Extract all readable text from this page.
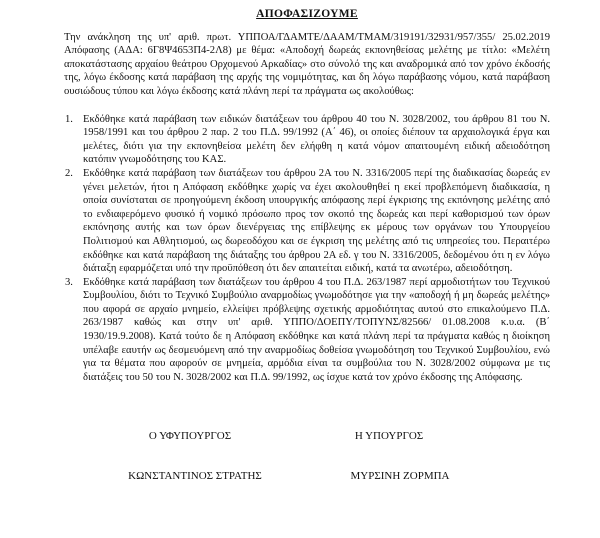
ΑΠΟΦΑΣΙΖΟΥΜΕ

Την ανάκληση της υπ' αριθ. πρωτ. ΥΠΠΟΑ/ΓΔΑΜΤΕ/ΔΑΑΜ/ΤΜΑΜ/319191/32931/957/355/ 25.02.2019 Απόφασης (ΑΔΑ: 6Γ8Ψ4653Π4-2Λ8) με θέμα: «Αποδοχή δωρεάς εκπονηθείσας μελέτης με τίτλο: «Μελέτη αποκατάστασης αρχαίου θεάτρου Ορχομενού Αρκαδίας» στο σύνολό της και αναδρομικά από τον χρόνο έκδοσής της, λόγω έκδοσης κατά παράβαση της αρχής της νομιμότητας, και δη λόγω παράβασης νόμου, κατά παράβαση ουσιώδους τύπου και λόγω έκδοσης κατά πλάνη περί τα πράγματα ως ακολούθως:

1. Εκδόθηκε κατά παράβαση των ειδικών διατάξεων του άρθρου 40 του Ν. 3028/2002, του άρθρου 81 του Ν. 1958/1991 και του άρθρου 2 παρ. 2 του Π.Δ. 99/1992 (Α΄ 46), οι οποίες διέπουν τα αρχαιολογικά έργα και μελέτες, διότι για την εκπονηθείσα μελέτη δεν ελήφθη η κατά νόμον απαιτουμένη ειδική αδειοδότηση κατόπιν γνωμοδότησης του ΚΑΣ.
2. Εκδόθηκε κατά παράβαση των διατάξεων του άρθρου 2Α του Ν. 3316/2005 περί της διαδικασίας δωρεάς εν γένει μελετών, ήτοι η Απόφαση εκδόθηκε χωρίς να έχει ακολουθηθεί η εκεί προβλεπόμενη διαδικασία, η οποία συνίσταται σε προηγούμενη έκδοση υπουργικής απόφασης περί έγκρισης της εκπόνησης μελέτης από το ενδιαφερόμενο φυσικό ή νομικό πρόσωπο προς τον σκοπό της δωρεάς και περί καθορισμού των όρων εκπόνησης αυτής και των όρων διενέργειας της επίβλεψης εκ μέρους των οργάνων του Υπουργείου Πολιτισμού και Αθλητισμού, ως δωρεοδόχου και σε έγκριση της μελέτης από τις υπηρεσίες του. Περαιτέρω εκδόθηκε και κατά παράβαση της διάταξης του άρθρου 2Α εδ. γ του Ν. 3316/2005, δεδομένου ότι η εν λόγω διάταξη εφαρμόζεται υπό την προϋπόθεση ότι δεν απαιτείται ειδική, κατά τα ανωτέρω, αδειοδότηση.
3. Εκδόθηκε κατά παράβαση των διατάξεων του άρθρου 4 του Π.Δ. 263/1987 περί αρμοδιοτήτων του Τεχνικού Συμβουλίου, διότι το Τεχνικό Συμβούλιο αναρμοδίως γνωμοδότησε για την «αποδοχή ή μη δωρεάς μελέτης» που αφορά σε αρχαίο μνημείο, ελλείψει πρόβλεψης σχετικής αρμοδιότητας αυτού στο επικαλούμενο Π.Δ. 263/1987 καθώς και στην υπ' αριθ. ΥΠΠΟ/ΔΟΕΠΥ/ΤΟΠΥΝΣ/82566/ 01.08.2008 κ.υ.α. (Β΄ 1930/19.9.2008). Κατά τούτο δε η Απόφαση εκδόθηκε και κατά πλάνη περί τα πράγματα καθώς η διοίκηση υπέλαβε εαυτήν ως δεσμευόμενη από την αναρμοδίως δοθείσα γνωμοδότηση του Τεχνικού Συμβουλίου, ενώ για τα θέματα που αφορούν σε μνημεία, αρμόδια είναι τα συμβούλια του Ν. 3028/2002 σύμφωνα με τις διατάξεις του 50 του Ν. 3028/2002 και Π.Δ. 99/1992, ως ίσχυε κατά τον χρόνο έκδοσης της Απόφασης.
Ο ΥΦΥΠΟΥΡΓΟΣ	Η ΥΠΟΥΡΓΟΣ
ΚΩΝΣΤΑΝΤΙΝΟΣ ΣΤΡΑΤΗΣ	ΜΥΡΣΙΝΗ ΖΟΡΜΠΑ
